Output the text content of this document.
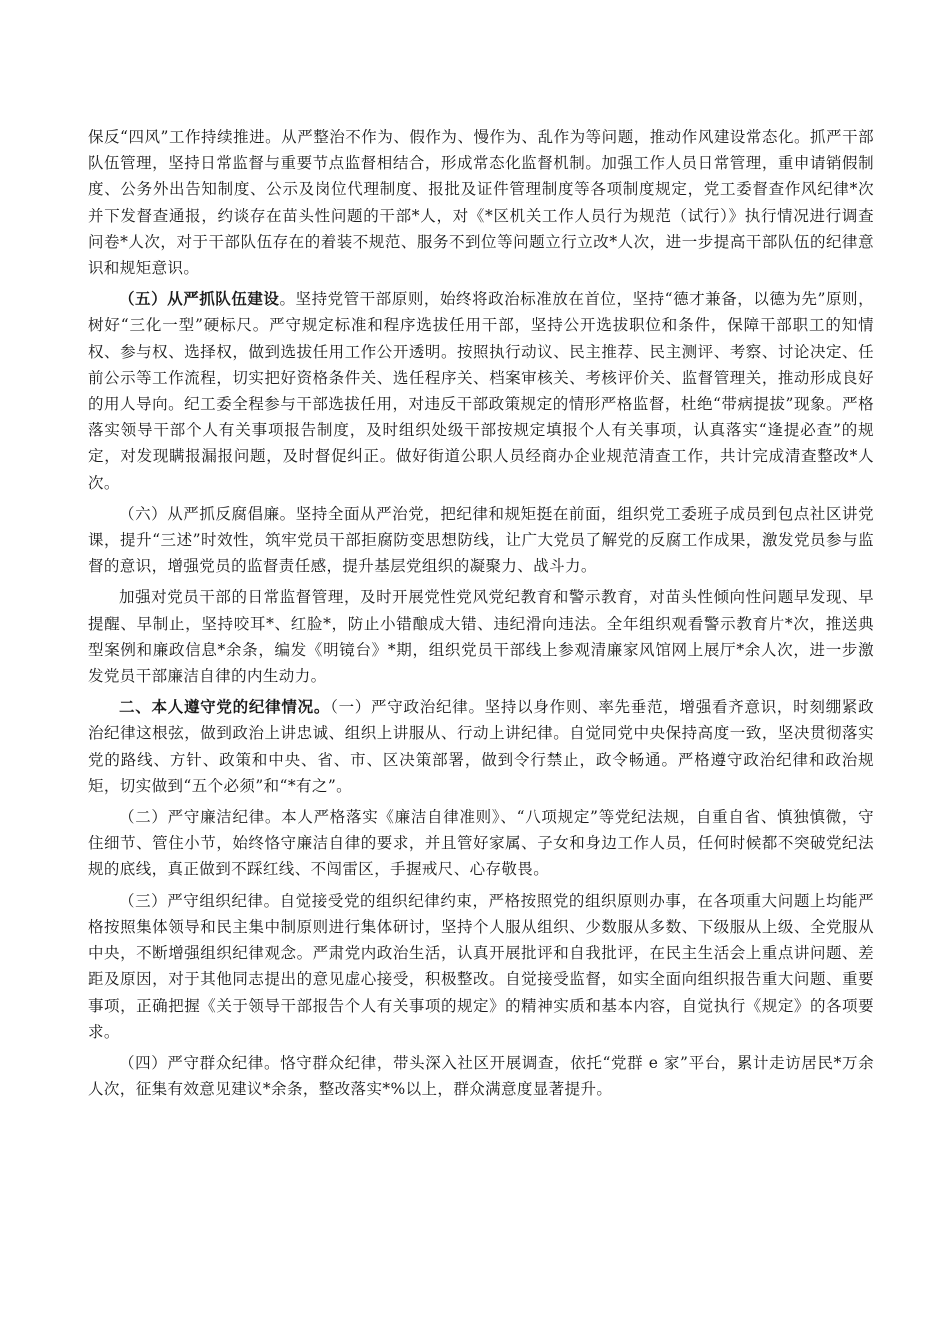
保反“四风”工作持续推进。从严整治不作为、假作为、慢作为、乱作为等问题，推动作风建设常态化。抓严干部队伍管理，坚持日常监督与重要节点监督相结合，形成常态化监督机制。加强工作人员日常管理，重申请销假制度、公务外出告知制度、公示及岗位代理制度、报批及证件管理制度等各项制度规定，党工委督查作风纪律*次并下发督查通报，约谈存在苗头性问题的干部*人，对《*区机关工作人员行为规范（试行）》执行情况进行调查问卷*人次，对于干部队伍存在的着装不规范、服务不到位等问题立行立改*人次，进一步提高干部队伍的纪律意识和规矩意识。

（五）从严抓队伍建设。坚持党管干部原则，始终将政治标准放在首位，坚持“德才兼备，以德为先”原则，树好“三化一型”硬标尺。严守规定标准和程序选拔任用干部，坚持公开选拔职位和条件，保障干部职工的知情权、参与权、选择权，做到选拔任用工作公开透明。按照执行动议、民主推荐、民主测评、考察、讨论决定、任前公示等工作流程，切实把好资格条件关、选任程序关、档案审核关、考核评价关、监督管理关，推动形成良好的用人导向。纪工委全程参与干部选拔任用，对违反干部政策规定的情形严格监督，杜绝“带病提拔”现象。严格落实领导干部个人有关事项报告制度，及时组织处级干部按规定填报个人有关事项，认真落实“逢提必查”的规定，对发现瞒报漏报问题，及时督促纠正。做好街道公职人员经商办企业规范清查工作，共计完成清查整改*人次。

（六）从严抓反腐倡廉。坚持全面从严治党，把纪律和规矩挺在前面，组织党工委班子成员到包点社区讲党课，提升“三述”时效性，筑牢党员干部拒腐防变思想防线，让广大党员了解党的反腐工作成果，激发党员参与监督的意识，增强党员的监督责任感，提升基层党组织的凝聚力、战斗力。

加强对党员干部的日常监督管理，及时开展党性党风党纪教育和警示教育，对苗头性倾向性问题早发现、早提醒、早制止，坚持咬耳*、红脸*，防止小错酿成大错、违纪滑向违法。全年组织观看警示教育片*次，推送典型案例和廉政信息*余条，编发《明镜台》*期，组织党员干部线上参观清廉家风馆网上展厅*余人次，进一步激发党员干部廉洁自律的内生动力。

二、本人遵守党的纪律情况。（一）严守政治纪律。坚持以身作则、率先垂范，增强看齐意识，时刻绷紧政治纪律这根弦，做到政治上讲忠诚、组织上讲服从、行动上讲纪律。自觉同党中央保持高度一致，坚决贯彻落实党的路线、方针、政策和中央、省、市、区决策部署，做到令行禁止，政令畅通。严格遵守政治纪律和政治规矩，切实做到“五个必须”和“*有之”。

（二）严守廉洁纪律。本人严格落实《廉洁自律准则》、“八项规定”等党纪法规，自重自省、慎独慎微，守住细节、管住小节，始终恪守廉洁自律的要求，并且管好家属、子女和身边工作人员，任何时候都不突破党纪法规的底线，真正做到不踩红线、不闯雷区，手握戒尺、心存敬畏。

（三）严守组织纪律。自觉接受党的组织纪律约束，严格按照党的组织原则办事，在各项重大问题上均能严格按照集体领导和民主集中制原则进行集体研讨，坚持个人服从组织、少数服从多数、下级服从上级、全党服从中央，不断增强组织纪律观念。严肃党内政治生活，认真开展批评和自我批评，在民主生活会上重点讲问题、差距及原因，对于其他同志提出的意见虚心接受，积极整改。自觉接受监督，如实全面向组织报告重大问题、重要事项，正确把握《关于领导干部报告个人有关事项的规定》的精神实质和基本内容，自觉执行《规定》的各项要求。

（四）严守群众纪律。恪守群众纪律，带头深入社区开展调查，依托“党群 e 家”平台，累计走访居民*万余人次，征集有效意见建议*余条，整改落实*%以上，群众满意度显著提升。
